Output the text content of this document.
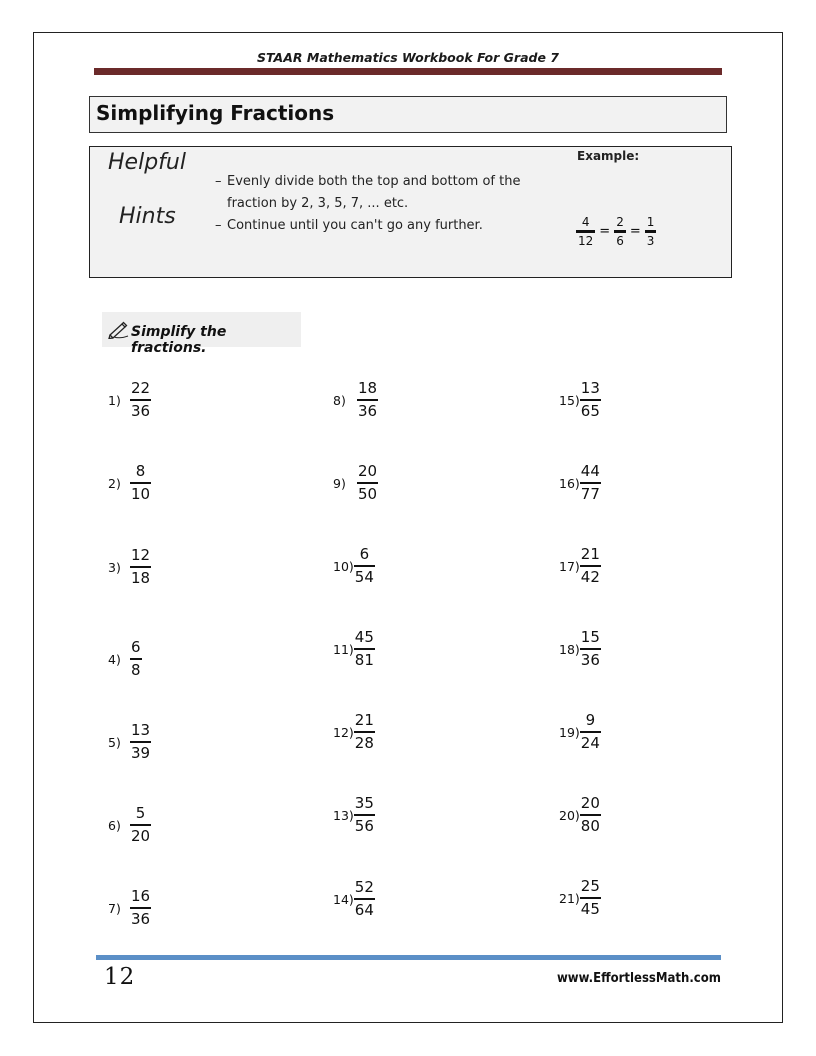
STAAR Mathematics Workbook For Grade 7
Simplifying Fractions
Helpful
Hints
– Evenly divide both the top and bottom of the fraction by 2, 3, 5, 7, ... etc.
– Continue until you can't go any further.
Example:
4
12
=
2
6
=
1
3
Simplify the fractions.
$1) \frac{22}{36}$
$2) \frac{8}{10}$
$3) \frac{12}{18}$
$4) \frac{6}{8}$
$5) \frac{13}{39}$
$6) \frac{5}{20}$
$7) \frac{16}{36}$
$8) \frac{18}{36}$
$9) \frac{20}{50}$
$10) \frac{6}{54}$
$11) \frac{45}{81}$
$12) \frac{21}{28}$
$13) \frac{35}{56}$
$14) \frac{52}{64}$
$15) \frac{13}{65}$
$16) \frac{44}{77}$
$17) \frac{21}{42}$
$18) \frac{15}{36}$
$19) \frac{9}{24}$
$20) \frac{20}{80}$
$21) \frac{25}{45}$
12	www.EffortlessMath.com
